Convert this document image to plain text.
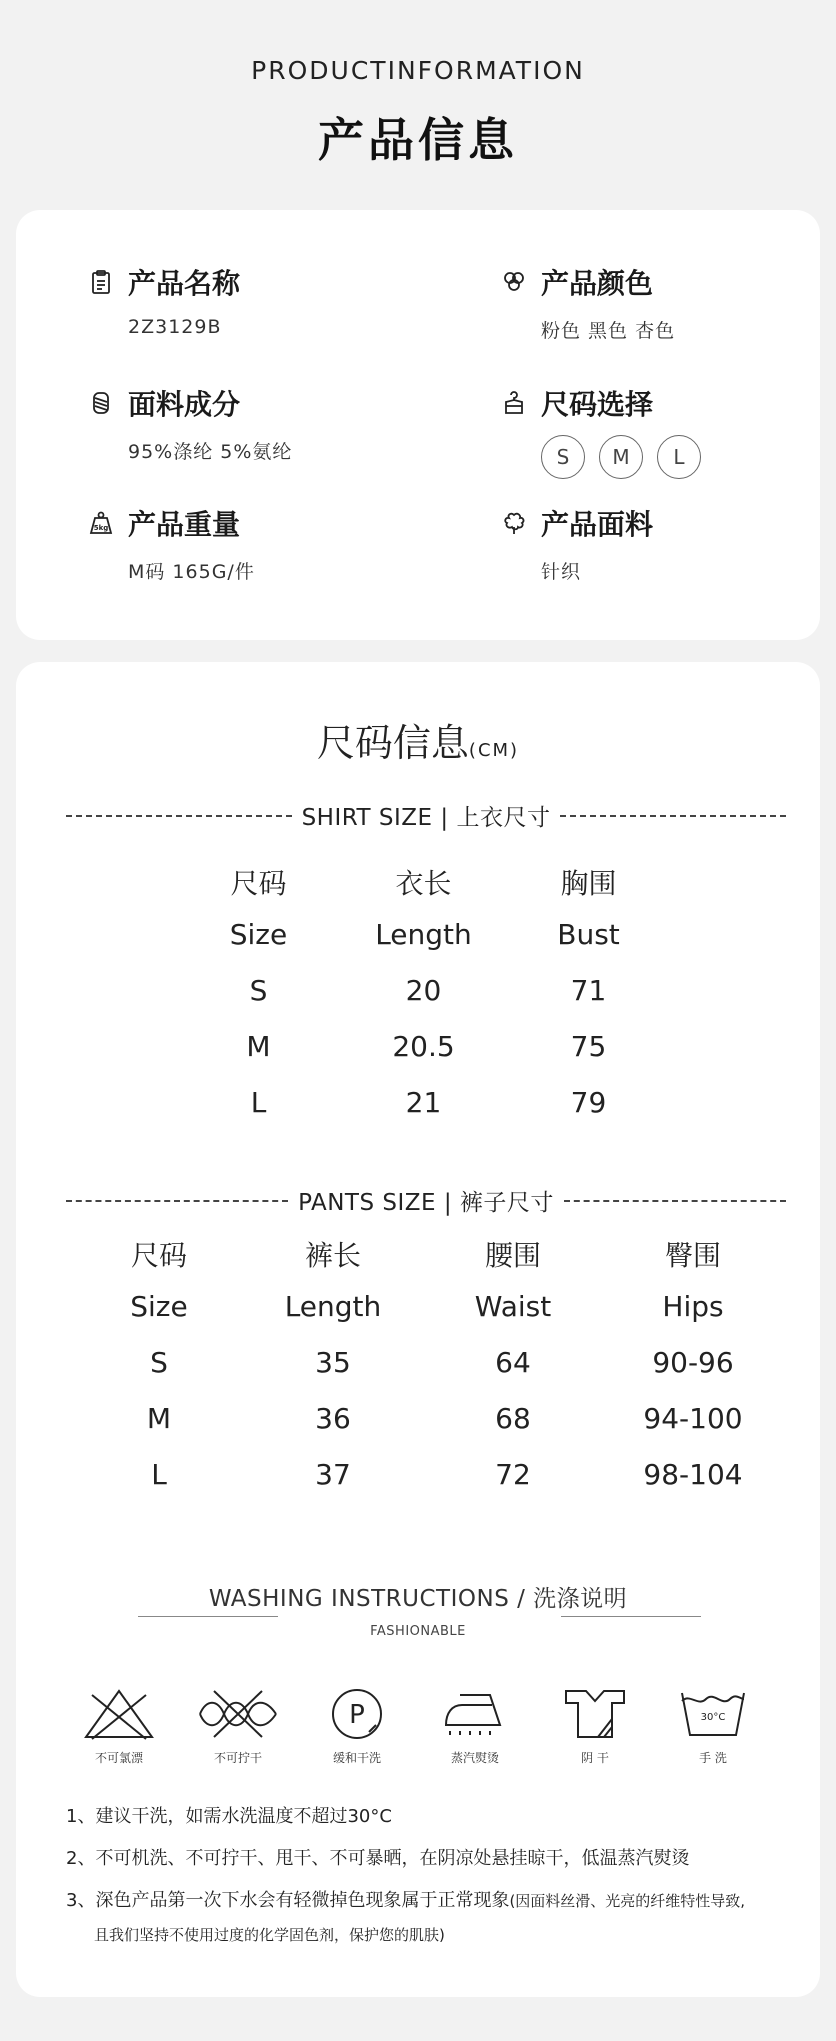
PRODUCTINFORMATION
产品信息
产品名称
2Z3129B
产品颜色
粉色 黑色 杏色
面料成分
95%涤纶 5%氨纶
尺码选择
S	M	L
5kg 产品重量
M码 165G/件
产品面料
针织
尺码信息(CM)
SHIRT SIZE | 上衣尺寸
尺码	衣长	胸围
Size	Length	Bust
S	20	71
M	20.5	75
L	21	79
PANTS SIZE | 裤子尺寸
尺码	裤长	腰围	臀围
Size	Length	Waist	Hips
S	35	64	90-96
M	36	68	94-100
L	37	72	98-104
WASHING INSTRUCTIONS / 洗涤说明
FASHIONABLE
不可氯漂	不可拧干	缓和干洗
P
蒸汽熨烫	阴 干	手 洗
30°C
1、建议干洗，如需水洗温度不超过30°C
2、不可机洗、不可拧干、甩干、不可暴晒，在阴凉处悬挂晾干，低温蒸汽熨烫
3、深色产品第一次下水会有轻微掉色现象属于正常现象(因面料丝滑、光亮的纤维特性导致,
且我们坚持不使用过度的化学固色剂，保护您的肌肤)
